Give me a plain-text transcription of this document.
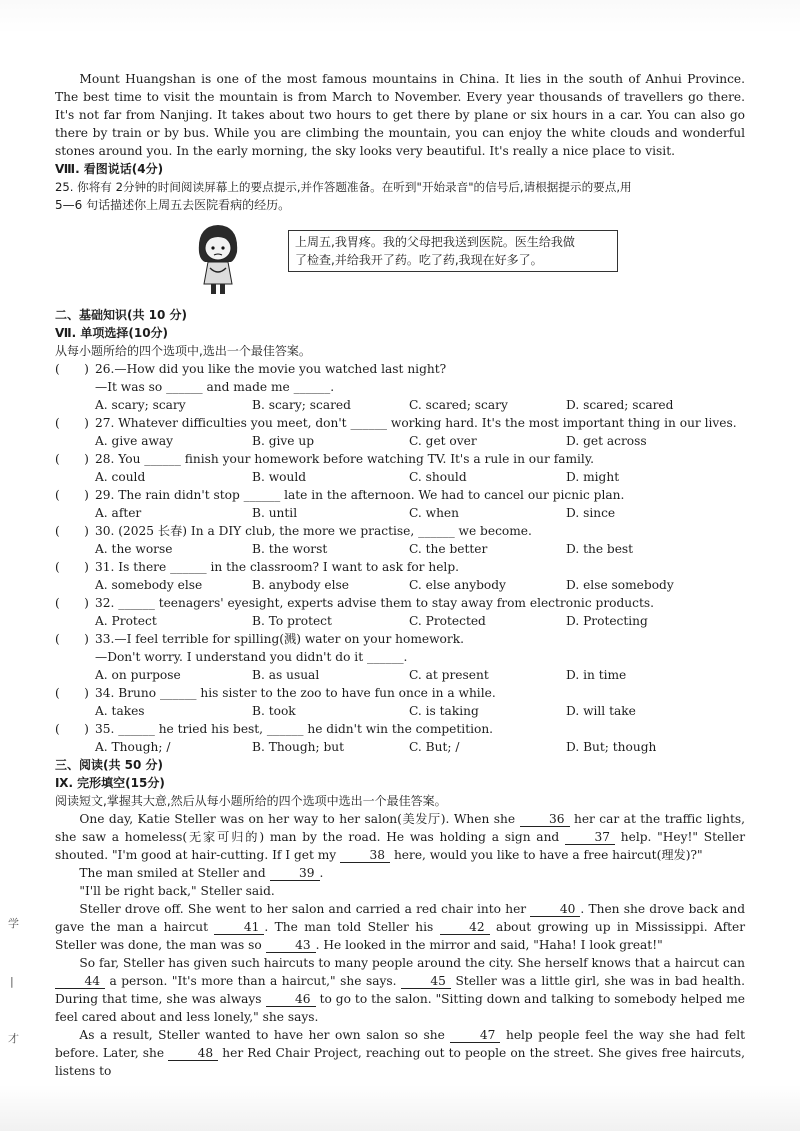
学
|
才

Mount Huangshan is one of the most famous mountains in China. It lies in the south of Anhui Province. The best time to visit the mountain is from March to November. Every year thousands of travellers go there. It's not far from Nanjing. It takes about two hours to get there by plane or six hours in a car. You can also go there by train or by bus. While you are climbing the mountain, you can enjoy the white clouds and wonderful stones around you. In the early morning, the sky looks very beautiful. It's really a nice place to visit.

Ⅷ. 看图说话(4分)

25. 你将有 2分钟的时间阅读屏幕上的要点提示,并作答题准备。在听到"开始录音"的信号后,请根据提示的要点,用

5—6 句话描述你上周五去医院看病的经历。

上周五,我胃疼。我的父母把我送到医院。医生给我做
了检查,并给我开了药。吃了药,我现在好多了。

二、基础知识(共 10 分)

Ⅶ. 单项选择(10分)

从每小题所给的四个选项中,选出一个最佳答案。

(　　) 26.—How did you like the movie you watched last night?

—It was so ______ and made me ______.

A. scary; scary	B. scary; scared	C. scared; scary	D. scared; scared

(　　) 27. Whatever difficulties you meet, don't ______ working hard. It's the most important thing in our lives.

A. give away	B. give up	C. get over	D. get across

(　　) 28. You ______ finish your homework before watching TV. It's a rule in our family.

A. could	B. would	C. should	D. might

(　　) 29. The rain didn't stop ______ late in the afternoon. We had to cancel our picnic plan.

A. after	B. until	C. when	D. since

(　　) 30. (2025 长春) In a DIY club, the more we practise, ______ we become.

A. the worse	B. the worst	C. the better	D. the best

(　　) 31. Is there ______ in the classroom? I want to ask for help.

A. somebody else	B. anybody else	C. else anybody	D. else somebody

(　　) 32. ______ teenagers' eyesight, experts advise them to stay away from electronic products.

A. Protect	B. To protect	C. Protected	D. Protecting

(　　) 33.—I feel terrible for spilling(溅) water on your homework.

—Don't worry. I understand you didn't do it ______.

A. on purpose	B. as usual	C. at present	D. in time

(　　) 34. Bruno ______ his sister to the zoo to have fun once in a while.

A. takes	B. took	C. is taking	D. will take

(　　) 35. ______ he tried his best, ______ he didn't win the competition.

A. Though; /	B. Though; but	C. But; /	D. But; though

三、阅读(共 50 分)

Ⅸ. 完形填空(15分)

阅读短文,掌握其大意,然后从每小题所给的四个选项中选出一个最佳答案。

One day, Katie Steller was on her way to her salon(美发厅). When she	36 her car at the traffic lights, she saw a homeless(无家可归的) man by the road. He was holding a sign and	37 help. "Hey!" Steller shouted. "I'm good at hair-cutting. If I get my	38 here, would you like to have a free haircut(理发)?"

The man smiled at Steller and	39 .

"I'll be right back," Steller said.

Steller drove off. She went to her salon and carried a red chair into her	40 . Then she drove back and gave the man a haircut	41 . The man told Steller his	42 about growing up in Mississippi. After Steller was done, the man was so	43 . He looked in the mirror and said, "Haha! I look great!"

So far, Steller has given such haircuts to many people around the city. She herself knows that a haircut can 44 a person. "It's more than a haircut," she says.	45 Steller was a little girl, she was in bad health. During that time, she was always	46 to go to the salon. "Sitting down and talking to somebody helped me feel cared about and less lonely," she says.

As a result, Steller wanted to have her own salon so she	47 help people feel the way she had felt before. Later, she	48 her Red Chair Project, reaching out to people on the street. She gives free haircuts, listens to
